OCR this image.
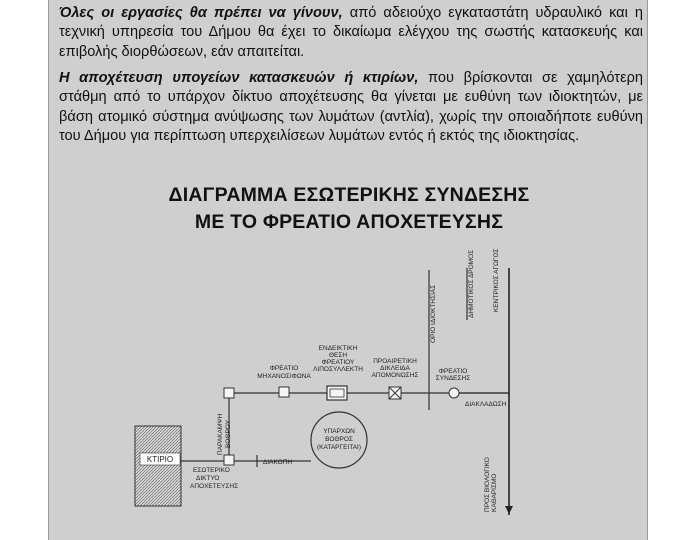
Όλες οι εργασίες θα πρέπει να γίνουν, από αδειούχο εγκαταστάτη υδραυλικό και η τεχνική υπηρεσία του Δήμου θα έχει το δικαίωμα ελέγχου της σωστής κατασκευής και επιβολής διορθώσεων, εάν απαιτείται.
Η αποχέτευση υπογείων κατασκευών ή κτιρίων, που βρίσκονται σε χαμηλότερη στάθμη από το υπάρχον δίκτυο αποχέτευσης θα γίνεται με ευθύνη των ιδιοκτητών, με βάση ατομικό σύστημα ανύψωσης των λυμάτων (αντλία), χωρίς την οποιαδήποτε ευθύνη του Δήμου για περίπτωση υπερχειλίσεων λυμάτων εντός ή εκτός της ιδιοκτησίας.
ΔΙΑΓΡΑΜΜΑ ΕΣΩΤΕΡΙΚΗΣ ΣΥΝΔΕΣΗΣ
ΜΕ ΤΟ ΦΡΕΑΤΙΟ ΑΠΟΧΕΤΕΥΣΗΣ
ΚΤΙΡΙΟ
ΕΣΩΤΕΡΙΚΟ
ΔΙΚΤΥΟ
ΑΠΟΧΕΤΕΥΣΗΣ
ΔΙΑΚΟΠΗ
ΥΠΑΡΧΩΝ
ΒΟΘΡΟΣ
(ΚΑΤΑΡΓΕΙΤΑΙ)
ΠΑΡΑΚΑΜΨΗ ΒΟΘΡΟΥ
ΦΡΕΑΤΙΟ
ΜΗΧΑΝΟΣΙΦΩΝΑ
ΕΝΔΕΙΚΤΙΚΗ
ΘΕΣΗ
ΦΡΕΑΤΙΟΥ
ΛΙΠΟΣΥΛΛΕΚΤΗ
ΠΡΟΑΙΡΕΤΙΚΗ
ΔΙΚΛΕΙΔΑ
ΑΠΟΜΟΝΩΣΗΣ
ΟΡΙΟ ΙΔΙΟΚΤΗΣΙΑΣ
ΦΡΕΑΤΙΟ
ΣΥΝΔΕΣΗΣ
ΔΙΑΚΛΑΔΩΣΗ
ΔΗΜΟΤΙΚΟΣ ΔΡΟΜΟΣ	ΚΕΝΤΡΙΚΟΣ ΑΓΩΓΟΣ
ΠΡΟΣ ΒΙΟΛΟΓΙΚΟ ΚΑΘΑΡΙΣΜΟ
